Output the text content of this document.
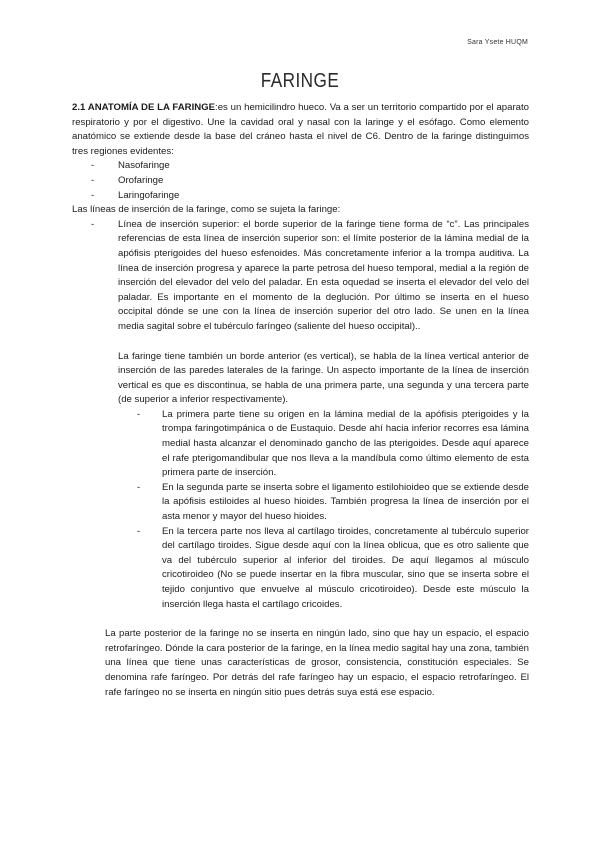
Sara Ysete HUQM
FARINGE

2.1 ANATOMÍA DE LA FARINGE:es un hemicilindro hueco. Va a ser un territorio compartido por el aparato respiratorio y por el digestivo. Une la cavidad oral y nasal con la laringe y el esófago. Como elemento anatómico se extiende desde la base del cráneo hasta el nivel de C6. Dentro de la faringe distinguimos tres regiones evidentes:

- Nasofaringe
- Orofaringe
- Laringofaringe

Las líneas de inserción de la faringe, como se sujeta la faringe:

- Línea de inserción superior: el borde superior de la faringe tiene forma de “c”. Las principales referencias de esta línea de inserción superior son: el límite posterior de la lámina medial de la apófisis pterigoides del hueso esfenoides. Más concretamente inferior a la trompa auditiva. La línea de inserción progresa y aparece la parte petrosa del hueso temporal, medial a la región de inserción del elevador del velo del paladar. En esta oquedad se inserta el elevador del velo del paladar. Es importante en el momento de la deglución. Por último se inserta en el hueso occipital dónde se une con la línea de inserción superior del otro lado. Se unen en la línea media sagital sobre el tubérculo faríngeo (saliente del hueso occipital)..

La faringe tiene también un borde anterior (es vertical), se habla de la línea vertical anterior de inserción de las paredes laterales de la faringe. Un aspecto importante de la línea de inserción vertical es que es discontinua, se habla de una primera parte, una segunda y una tercera parte (de superior a inferior respectivamente).

- La primera parte tiene su origen en la lámina medial de la apófisis pterigoides y la trompa faringotimpánica o de Eustaquio. Desde ahí hacia inferior recorres esa lámina medial hasta alcanzar el denominado gancho de las pterigoides. Desde aquí aparece el rafe pterigomandibular que nos lleva a la mandíbula como último elemento de esta primera parte de inserción.
- En la segunda parte se inserta sobre el ligamento estilohioideo que se extiende desde la apófisis estiloides al hueso hioides. También progresa la línea de inserción por el asta menor y mayor del hueso hioides.
- En la tercera parte nos lleva al cartílago tiroides, concretamente al tubérculo superior del cartílago tiroides. Sigue desde aquí con la línea oblicua, que es otro saliente que va del tubérculo superior al inferior del tiroides. De aquí llegamos al músculo cricotiroideo (No se puede insertar en la fibra muscular, sino que se inserta sobre el tejido conjuntivo que envuelve al músculo cricotiroideo). Desde este músculo la inserción llega hasta el cartílago cricoides.

La parte posterior de la faringe no se inserta en ningún lado, sino que hay un espacio, el espacio retrofaríngeo. Dónde la cara posterior de la faringe, en la línea medio sagital hay una zona, también una línea que tiene unas características de grosor, consistencia, constitución especiales. Se denomina rafe faríngeo. Por detrás del rafe faríngeo hay un espacio, el espacio retrofaríngeo. El rafe faríngeo no se inserta en ningún sitio pues detrás suya está ese espacio.
